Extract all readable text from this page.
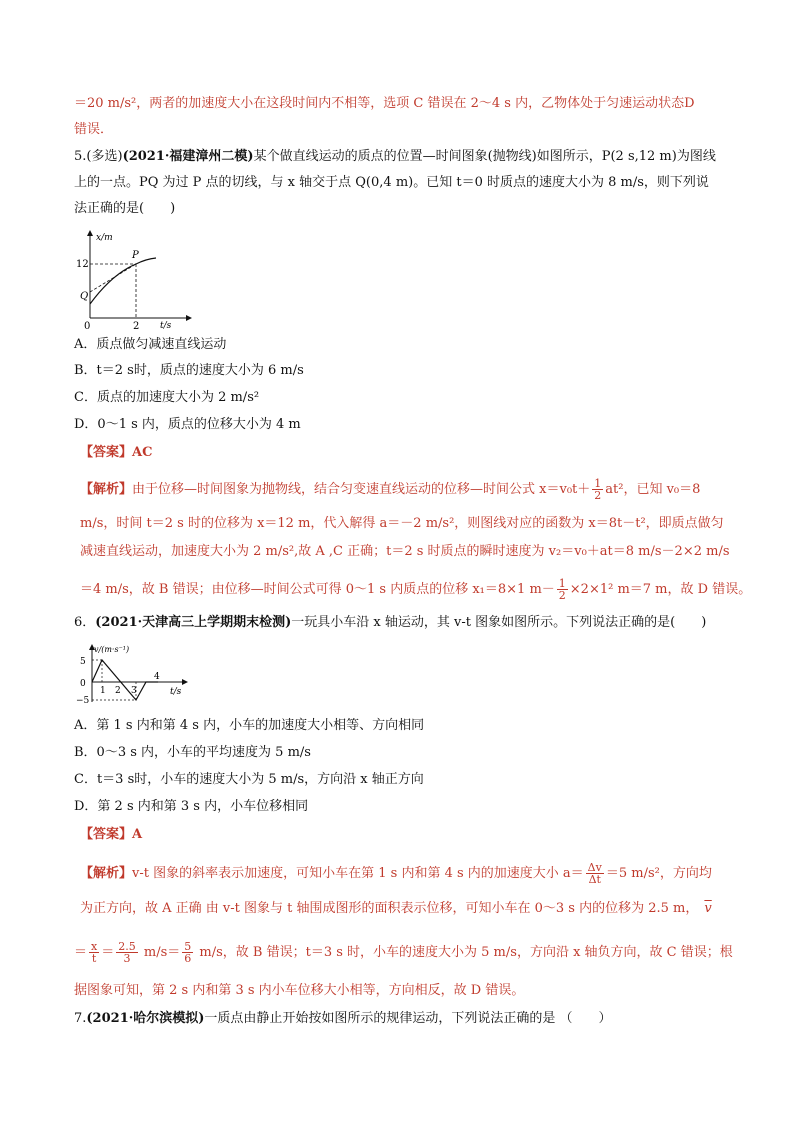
＝20 m/s²，两者的加速度大小在这段时间内不相等，选项 C 错误在 2～4 s 内，乙物体处于匀速运动状态D
错误．
5.(多选)(2021·福建漳州二模)某个做直线运动的质点的位置—时间图象(抛物线)如图所示，P(2 s,12 m)为图线
上的一点。PQ 为过 P 点的切线，与 x 轴交于点 Q(0,4 m)。已知 t＝0 时质点的速度大小为 8 m/s，则下列说
法正确的是(　　)
x/m
t/s
12
2
0
P
Q
A．质点做匀减速直线运动
B．t＝2 s时，质点的速度大小为 6 m/s
C．质点的加速度大小为 2 m/s²
D．0～1 s 内，质点的位移大小为 4 m
【答案】AC
【解析】由于位移—时间图象为抛物线，结合匀变速直线运动的位移—时间公式 $x=v_0t+ \frac{1}{2} at^2$，已知 v₀＝8
m/s，时间 t＝2 s 时的位移为 x＝12 m，代入解得 a＝－2 m/s²，则图线对应的函数为 x＝8t－t²，即质点做匀
减速直线运动，加速度大小为 2 m/s²,故 A ,C 正确；t＝2 s 时质点的瞬时速度为 v₂＝v₀＋at＝8 m/s－2×2 m/s
＝4 m/s，故 B 错误；由位移—时间公式可得 0～1 s 内质点的位移 x₁＝8×1 $m- \frac{1}{2} \times 2\times 1^2$ m＝7 m，故 D 错误。
6．(2021·天津高三上学期期末检测)一玩具小车沿 x 轴运动，其 v-t 图象如图所示。下列说法正确的是(　　)
v/(m·s⁻¹)
t/s
5
0
−5
1 2 3
4
A．第 1 s 内和第 4 s 内，小车的加速度大小相等、方向相同
B．0～3 s 内，小车的平均速度为 5 m/s
C．t＝3 s时，小车的速度大小为 5 m/s，方向沿 x 轴正方向
D．第 2 s 内和第 3 s 内，小车位移相同
【答案】A
【解析】v-t 图象的斜率表示加速度，可知小车在第 1 s 内和第 4 s 内的加速度大小 $a= \frac{\Delta v}{\Delta t} =5$ m/s²，方向均
为正方向，故 A 正确 由 v-t 图象与 t 轴围成图形的面积表示位移，可知小车在 0～3 s 内的位移为 2.5 m， $\overline{v}$
＝ $\frac{x}{t} = \frac{2.5}{3} m/s= \frac{5}{6} m/s$，故 B 错误；t＝3 s 时，小车的速度大小为 5 m/s，方向沿 x 轴负方向，故 C 错误；根
据图象可知，第 2 s 内和第 3 s 内小车位移大小相等，方向相反，故 D 错误。
7.(2021·哈尔滨模拟)一质点由静止开始按如图所示的规律运动，下列说法正确的是 （　　）
